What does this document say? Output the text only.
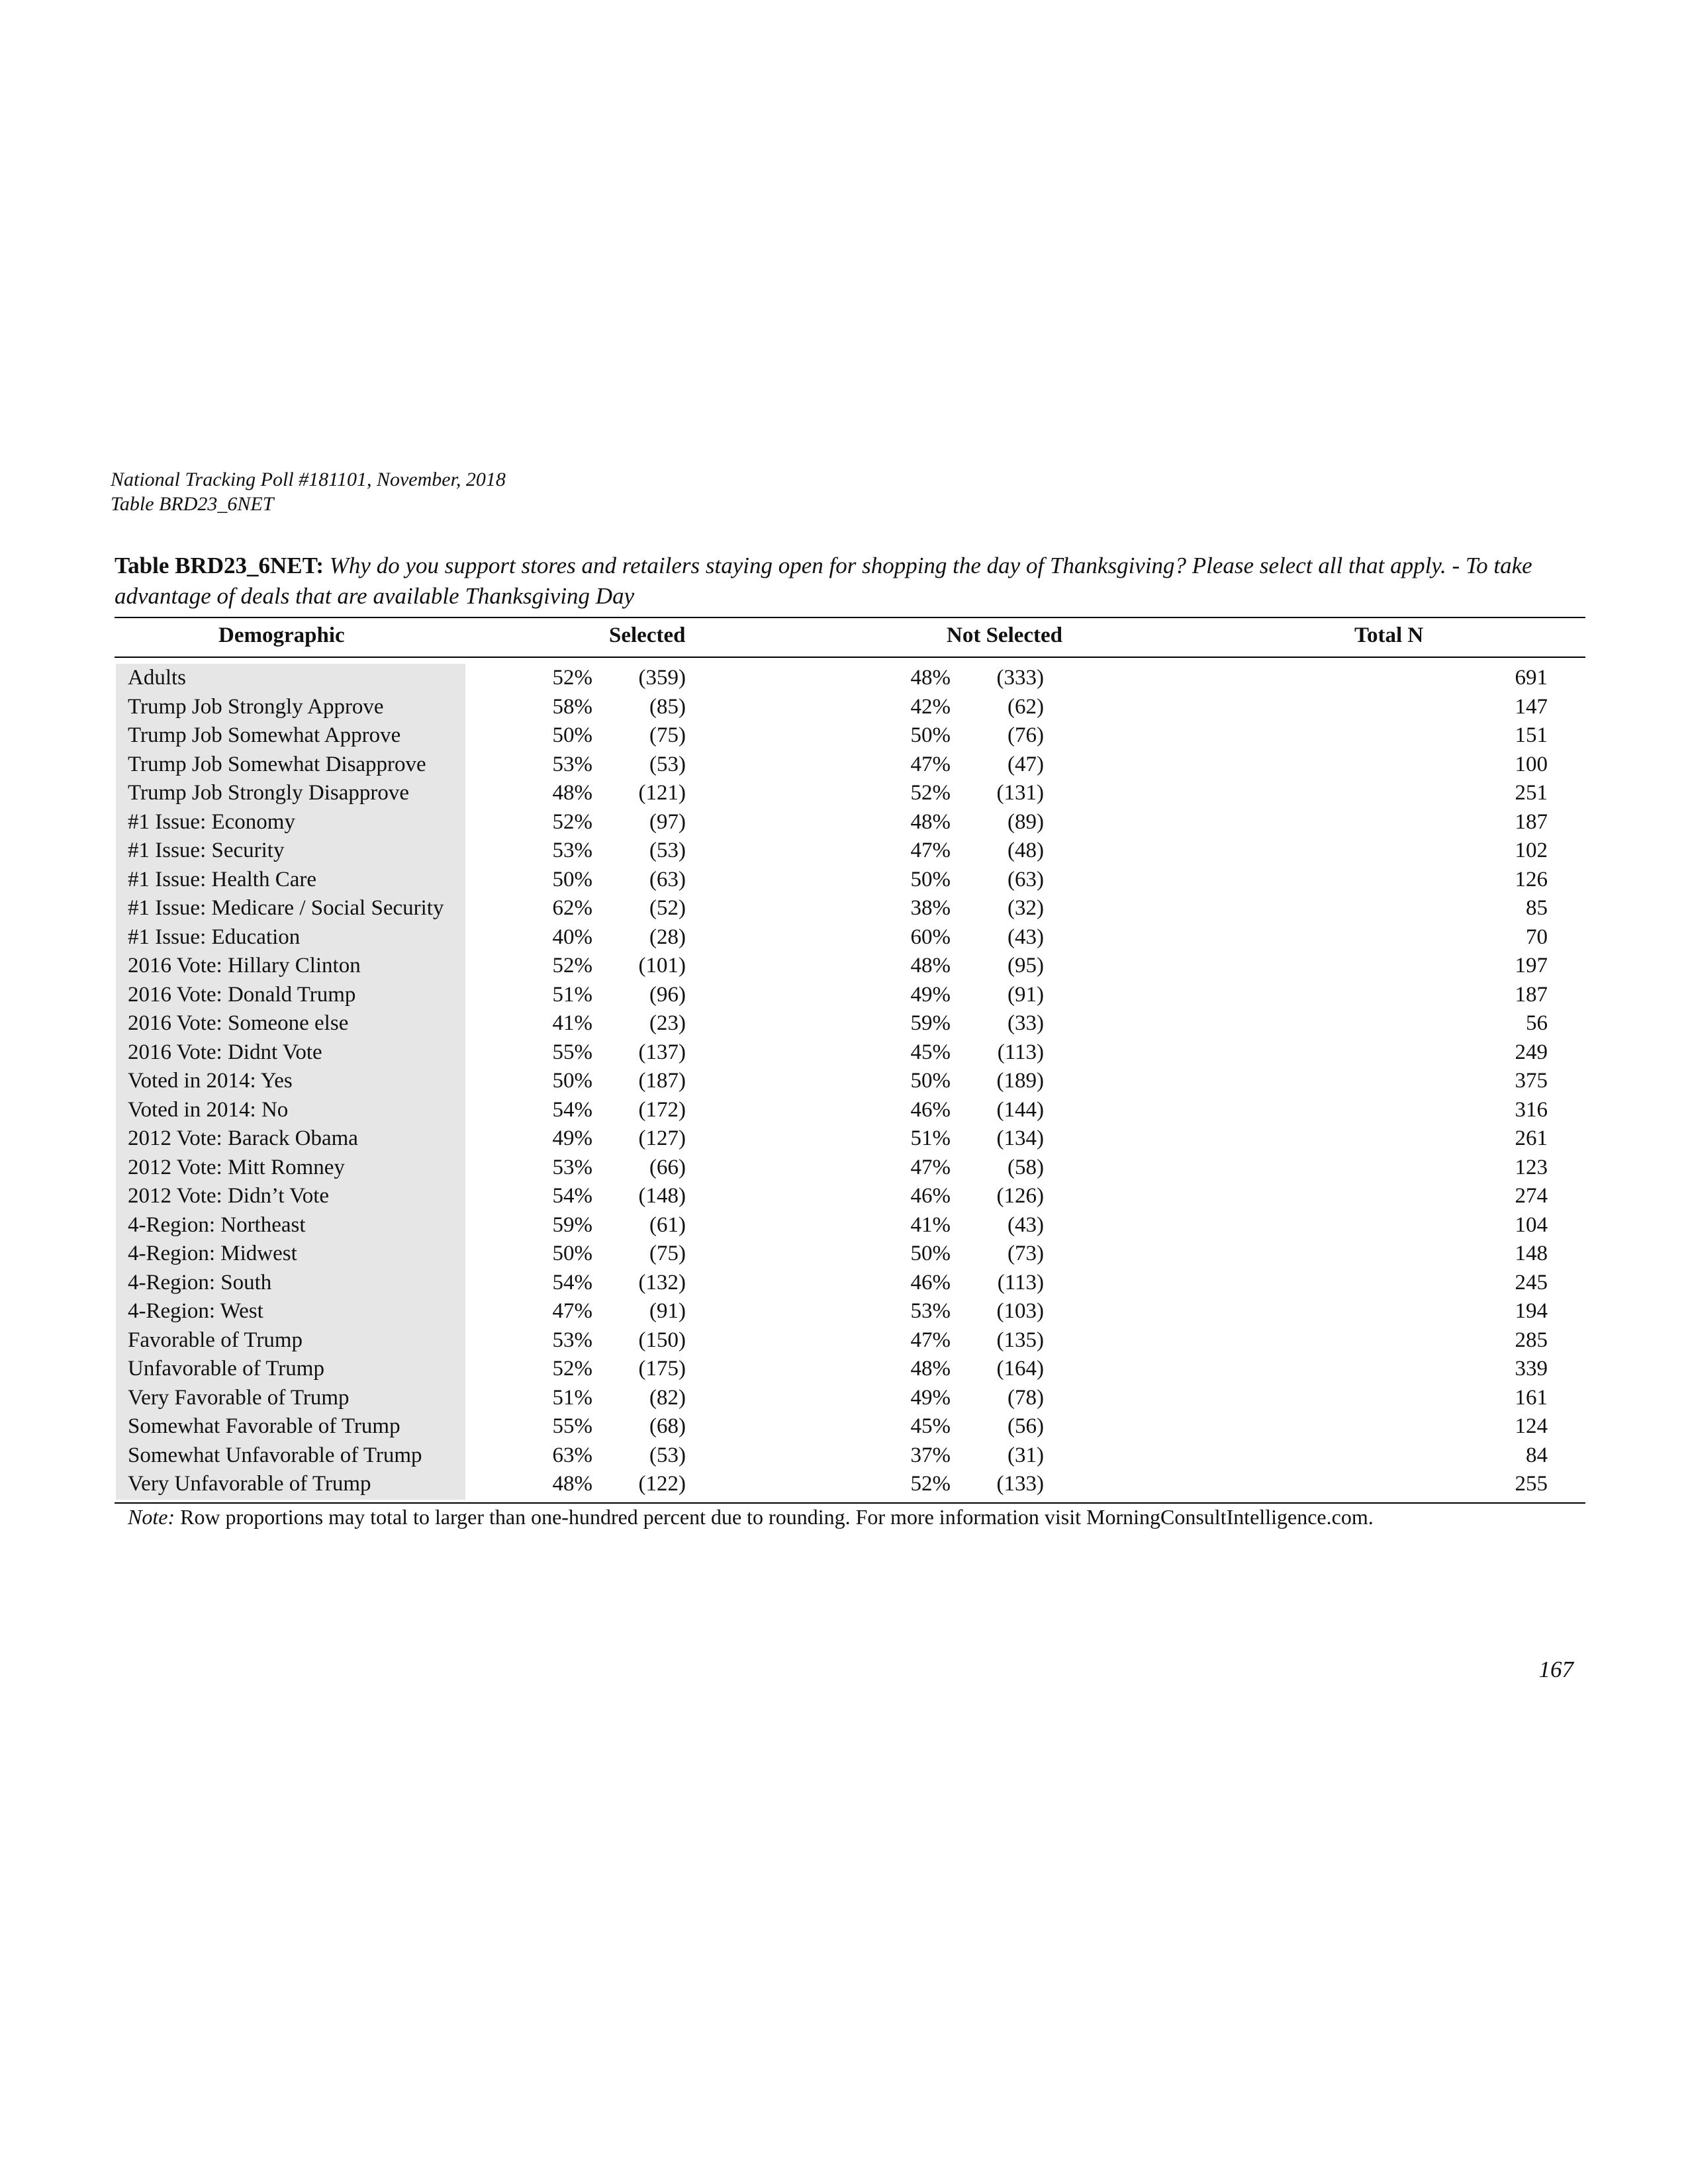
National Tracking Poll #181101, November, 2018
Table BRD23_6NET
Table BRD23_6NET: Why do you support stores and retailers staying open for shopping the day of Thanksgiving? Please select all that apply. - To take advantage of deals that are available Thanksgiving Day
Demographic	Selected	Not Selected	Total N
Adults	52% (359)	48% (333)	691
Trump Job Strongly Approve	58%	(85)	42%	(62)	147
Trump Job Somewhat Approve	50%	(75)	50%	(76)	151
Trump Job Somewhat Disapprove	53%	(53)	47%	(47)	100
Trump Job Strongly Disapprove	48% (121)	52% (131)	251
#1 Issue: Economy	52%	(97)	48%	(89)	187
#1 Issue: Security	53%	(53)	47%	(48)	102
#1 Issue: Health Care	50%	(63)	50%	(63)	126
#1 Issue: Medicare / Social Security	62%	(52)	38%	(32)	85
#1 Issue: Education	40%	(28)	60%	(43)	70
2016 Vote: Hillary Clinton	52% (101)	48%	(95)	197
2016 Vote: Donald Trump	51%	(96)	49%	(91)	187
2016 Vote: Someone else	41%	(23)	59%	(33)	56
2016 Vote: Didnt Vote	55% (137)	45% (113)	249
Voted in 2014: Yes	50% (187)	50% (189)	375
Voted in 2014: No	54% (172)	46% (144)	316
2012 Vote: Barack Obama	49% (127)	51% (134)	261
2012 Vote: Mitt Romney	53%	(66)	47%	(58)	123
2012 Vote: Didn’t Vote	54% (148)	46% (126)	274
4-Region: Northeast	59%	(61)	41%	(43)	104
4-Region: Midwest	50%	(75)	50%	(73)	148
4-Region: South	54% (132)	46% (113)	245
4-Region: West	47%	(91)	53% (103)	194
Favorable of Trump	53% (150)	47% (135)	285
Unfavorable of Trump	52% (175)	48% (164)	339
Very Favorable of Trump	51%	(82)	49%	(78)	161
Somewhat Favorable of Trump	55%	(68)	45%	(56)	124
Somewhat Unfavorable of Trump	63%	(53)	37%	(31)	84
Very Unfavorable of Trump	48% (122)	52% (133)	255
Note: Row proportions may total to larger than one-hundred percent due to rounding. For more information visit MorningConsultIntelligence.com.
167
